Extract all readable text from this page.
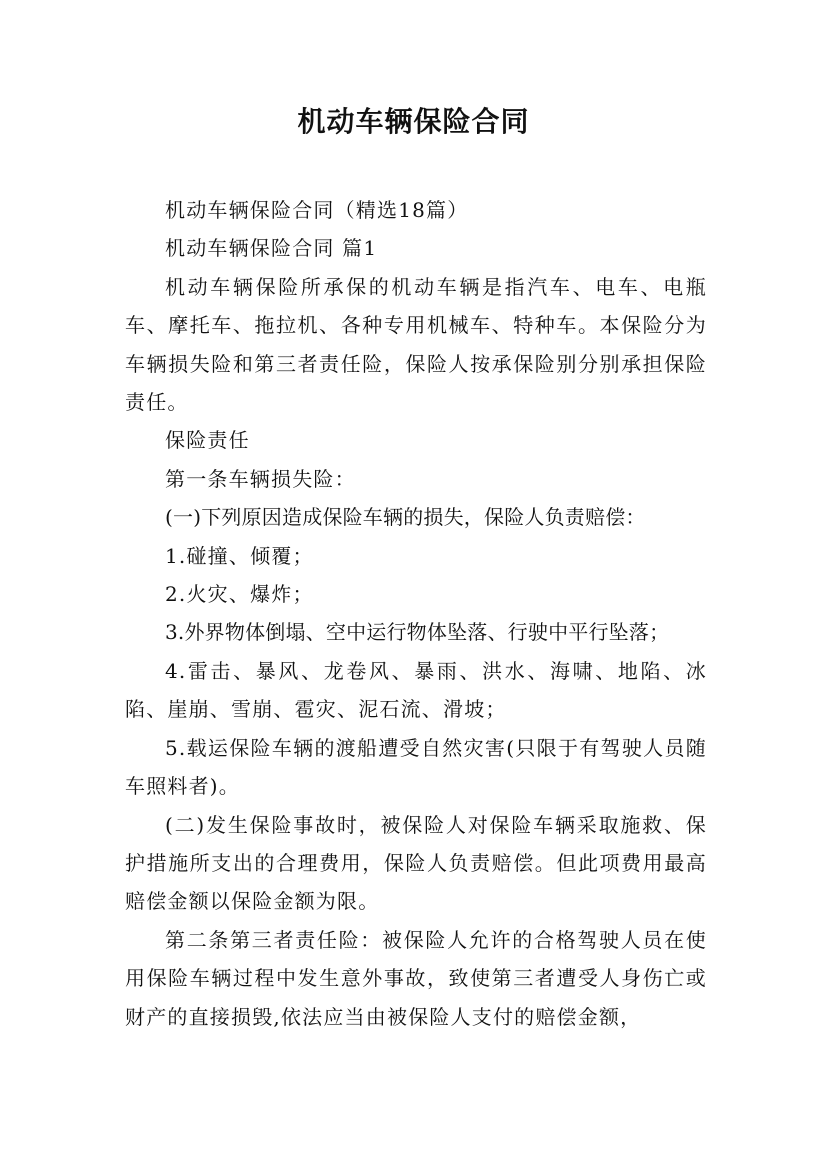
机动车辆保险合同

机动车辆保险合同（精选18篇）

机动车辆保险合同 篇1

机动车辆保险所承保的机动车辆是指汽车、电车、电瓶车、摩托车、拖拉机、各种专用机械车、特种车。本保险分为车辆损失险和第三者责任险，保险人按承保险别分别承担保险责任。

保险责任

第一条车辆损失险：

(一)下列原因造成保险车辆的损失，保险人负责赔偿：

1.碰撞、倾覆；

2.火灾、爆炸；

3.外界物体倒塌、空中运行物体坠落、行驶中平行坠落；

4.雷击、暴风、龙卷风、暴雨、洪水、海啸、地陷、冰陷、崖崩、雪崩、雹灾、泥石流、滑坡；

5.载运保险车辆的渡船遭受自然灾害(只限于有驾驶人员随车照料者)。

(二)发生保险事故时，被保险人对保险车辆采取施救、保护措施所支出的合理费用，保险人负责赔偿。但此项费用最高赔偿金额以保险金额为限。

第二条第三者责任险：被保险人允许的合格驾驶人员在使用保险车辆过程中发生意外事故，致使第三者遭受人身伤亡或财产的直接损毁,依法应当由被保险人支付的赔偿金额，
